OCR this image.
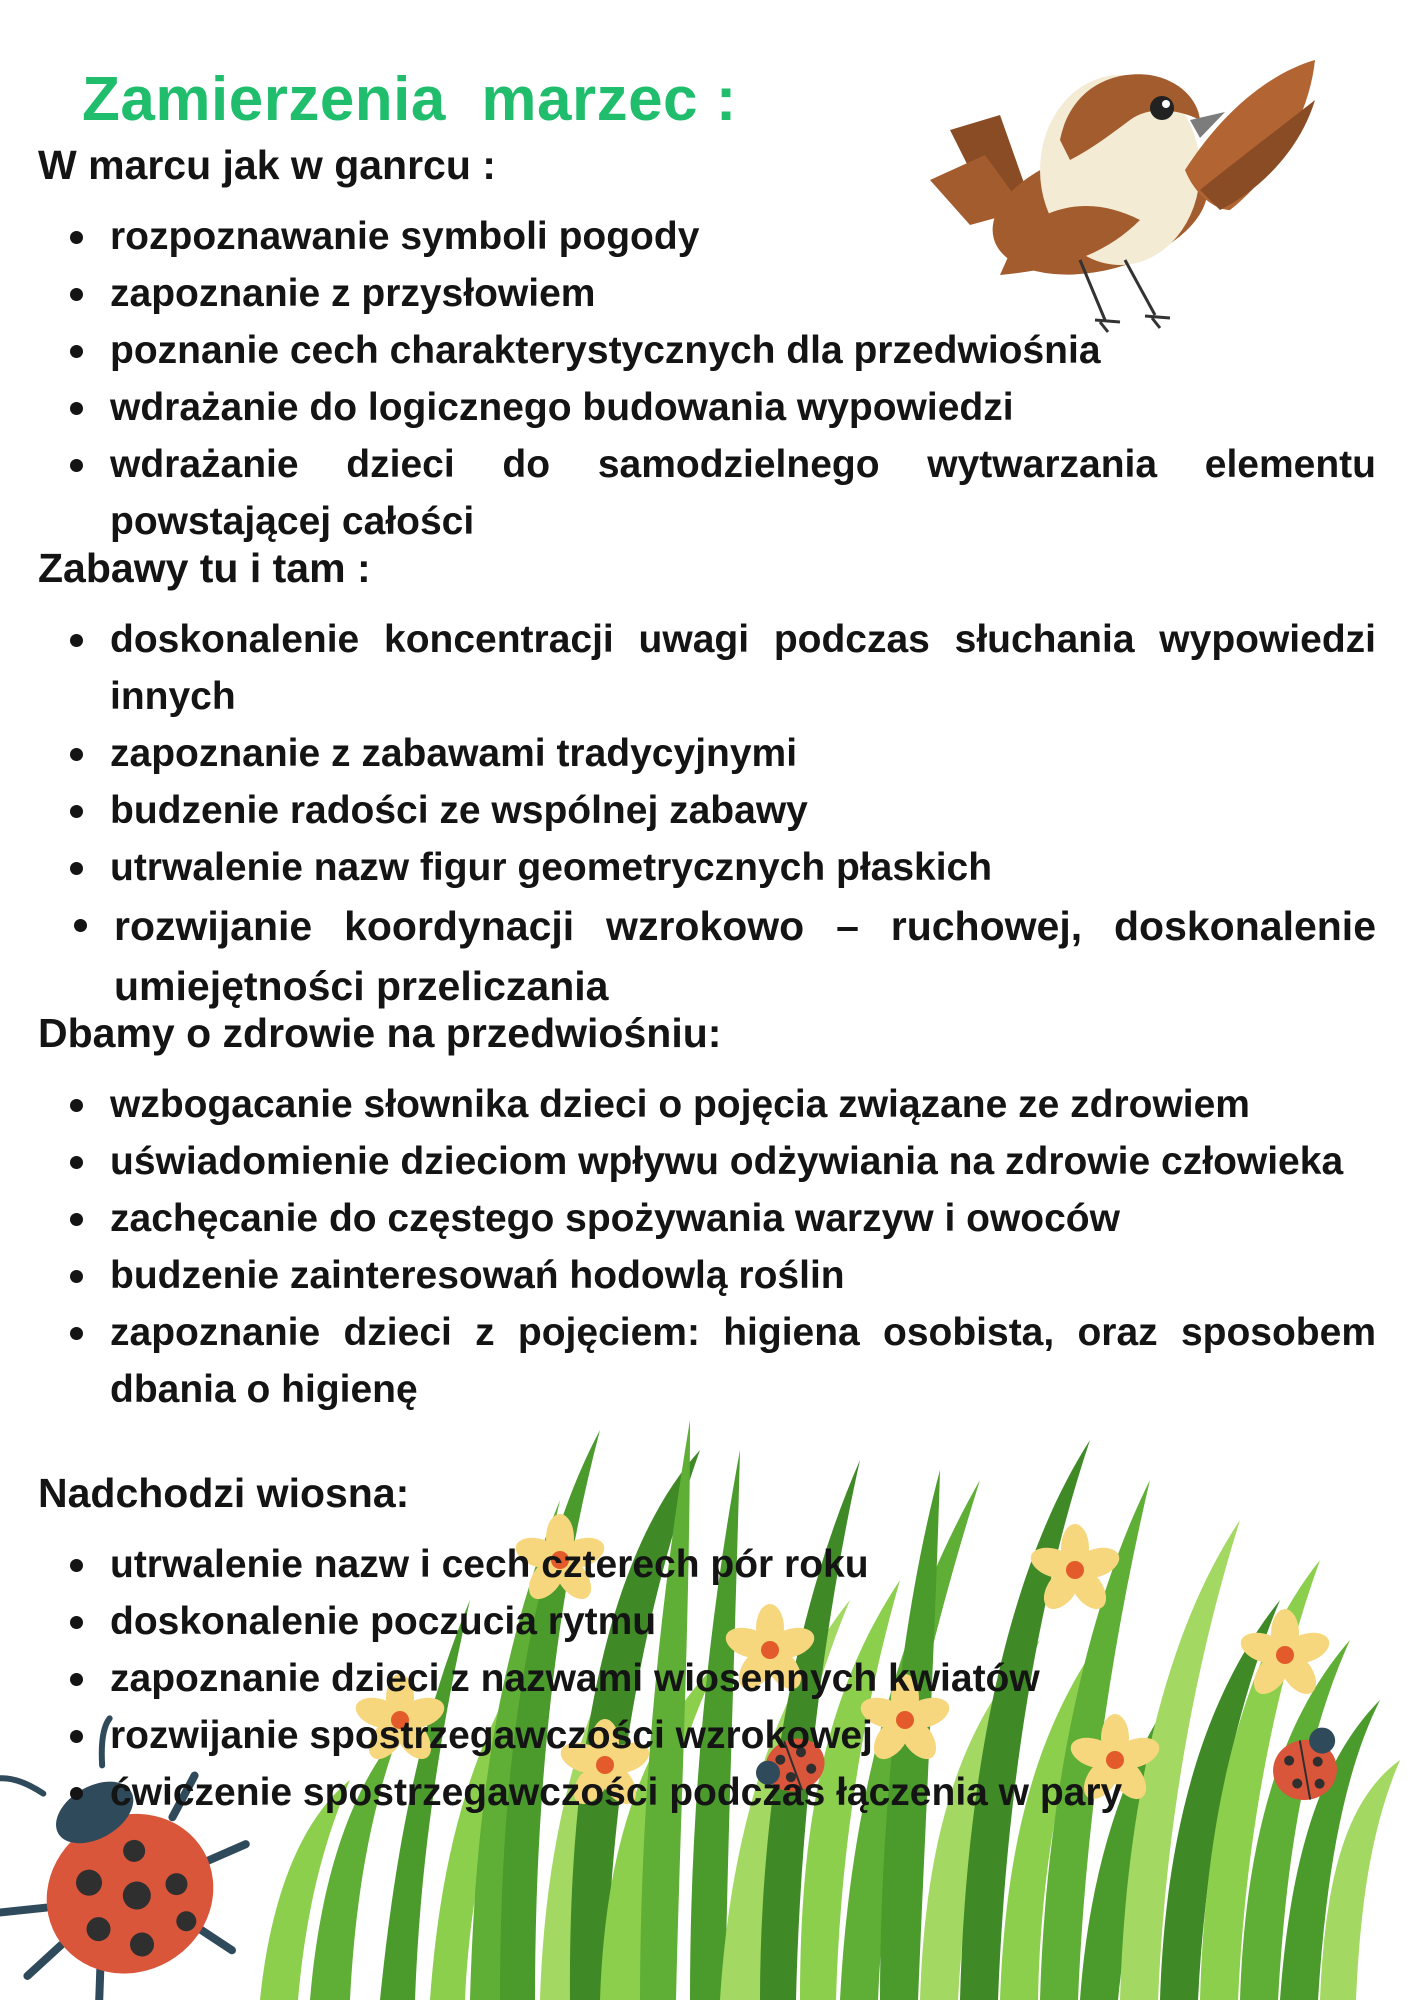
Zamierzenia  marzec :
W marcu jak w ganrcu :
rozpoznawanie symboli pogody
zapoznanie z przysłowiem
poznanie cech charakterystycznych dla przedwiośnia
wdrażanie do logicznego budowania wypowiedzi
wdrażanie dzieci do samodzielnego wytwarzania elementu powstającej całości
Zabawy tu i tam :
doskonalenie koncentracji uwagi podczas słuchania wypowiedzi innych
zapoznanie z zabawami tradycyjnymi
budzenie radości ze wspólnej zabawy
utrwalenie nazw figur geometrycznych płaskich
rozwijanie koordynacji wzrokowo – ruchowej, doskonalenie umiejętności przeliczania
Dbamy o zdrowie na przedwiośniu:
wzbogacanie słownika dzieci o pojęcia związane ze zdrowiem
uświadomienie dzieciom wpływu odżywiania na zdrowie człowieka
zachęcanie do częstego spożywania warzyw i owoców
budzenie zainteresowań hodowlą roślin
zapoznanie dzieci z pojęciem: higiena osobista, oraz sposobem dbania o higienę
Nadchodzi wiosna:
utrwalenie nazw i cech czterech pór roku
doskonalenie poczucia rytmu
zapoznanie dzieci z nazwami wiosennych kwiatów
rozwijanie spostrzegawczości wzrokowej
ćwiczenie spostrzegawczości podczas łączenia w pary
